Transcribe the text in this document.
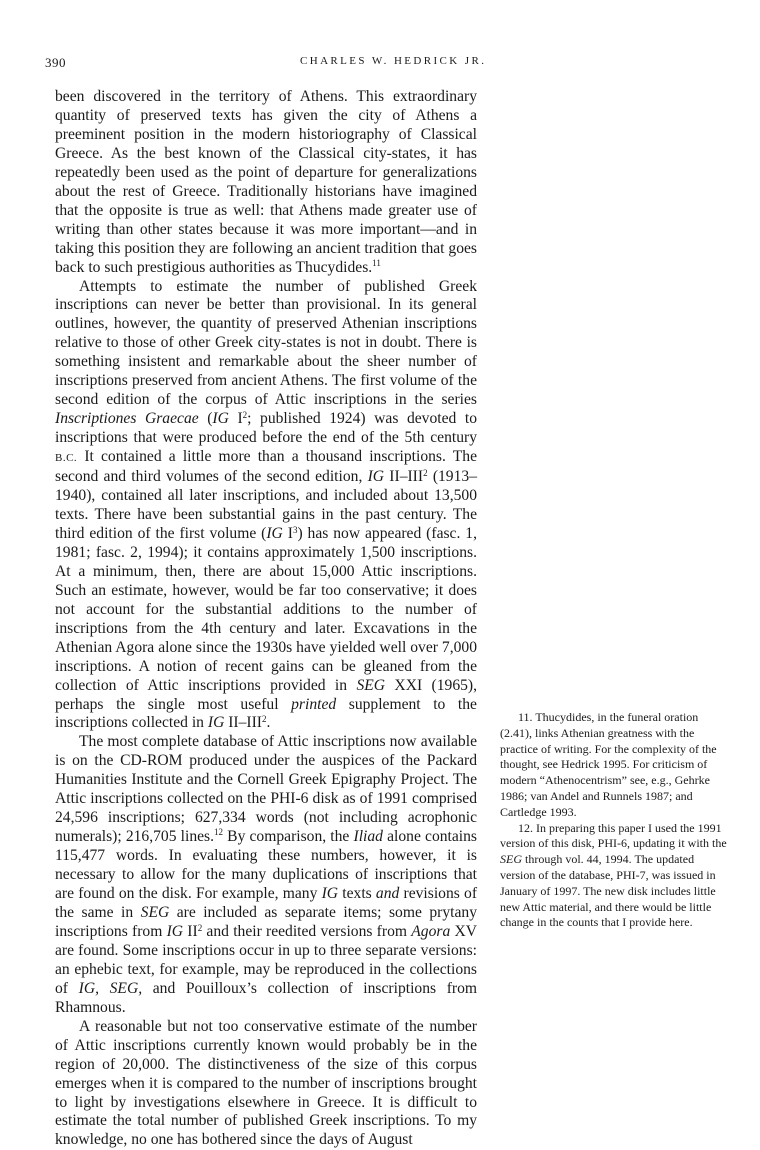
390	CHARLES W. HEDRICK JR.

been discovered in the territory of Athens. This extraordinary quantity of preserved texts has given the city of Athens a preeminent position in the modern historiography of Classical Greece. As the best known of the Classical city-states, it has repeatedly been used as the point of departure for generalizations about the rest of Greece. Traditionally historians have imagined that the opposite is true as well: that Athens made greater use of writing than other states because it was more important—and in taking this position they are following an ancient tradition that goes back to such prestigious authorities as Thucydides.$^{11}$

Attempts to estimate the number of published Greek inscriptions can never be better than provisional. In its general outlines, however, the quantity of preserved Athenian inscriptions relative to those of other Greek city-states is not in doubt. There is something insistent and remarkable about the sheer number of inscriptions preserved from ancient Athens. The first volume of the second edition of the corpus of Attic inscriptions in the series Inscriptiones Graecae (IG $I^2$; published 1924) was devoted to inscriptions that were produced before the end of the 5th century B.C. It contained a little more than a thousand inscriptions. The second and third volumes of the second edition, IG II–III$^2$ (1913–1940), contained all later inscriptions, and included about 13,500 texts. There have been substantial gains in the past century. The third edition of the first volume (IG $I^3$) has now appeared (fasc. 1, 1981; fasc. 2, 1994); it contains approximately 1,500 inscriptions. At a minimum, then, there are about 15,000 Attic inscriptions. Such an estimate, however, would be far too conservative; it does not account for the substantial additions to the number of inscriptions from the 4th century and later. Excavations in the Athenian Agora alone since the 1930s have yielded well over 7,000 inscriptions. A notion of recent gains can be gleaned from the collection of Attic inscriptions provided in SEG XXI (1965), perhaps the single most useful printed supplement to the inscriptions collected in IG II–III$^2$.

The most complete database of Attic inscriptions now available is on the CD-ROM produced under the auspices of the Packard Humanities Institute and the Cornell Greek Epigraphy Project. The Attic inscriptions collected on the PHI-6 disk as of 1991 comprised 24,596 inscriptions; 627,334 words (not including acrophonic numerals); 216,705 lines.$^{12}$ By comparison, the Iliad alone contains 115,477 words. In evaluating these numbers, however, it is necessary to allow for the many duplications of inscriptions that are found on the disk. For example, many IG texts and revisions of the same in SEG are included as separate items; some prytany inscriptions from IG $II^2$ and their reedited versions from Agora XV are found. Some inscriptions occur in up to three separate versions: an ephebic text, for example, may be reproduced in the collections of IG, SEG, and Pouilloux’s collection of inscriptions from Rhamnous.

A reasonable but not too conservative estimate of the number of Attic inscriptions currently known would probably be in the region of 20,000. The distinctiveness of the size of this corpus emerges when it is compared to the number of inscriptions brought to light by investigations elsewhere in Greece. It is difficult to estimate the total number of published Greek inscriptions. To my knowledge, no one has bothered since the days of August

11. Thucydides, in the funeral oration (2.41), links Athenian greatness with the practice of writing. For the complexity of the thought, see Hedrick 1995. For criticism of modern “Athenocentrism” see, e.g., Gehrke 1986; van Andel and Runnels 1987; and Cartledge 1993.

12. In preparing this paper I used the 1991 version of this disk, PHI-6, updating it with the SEG through vol. 44, 1994. The updated version of the database, PHI-7, was issued in January of 1997. The new disk includes little new Attic material, and there would be little change in the counts that I provide here.
